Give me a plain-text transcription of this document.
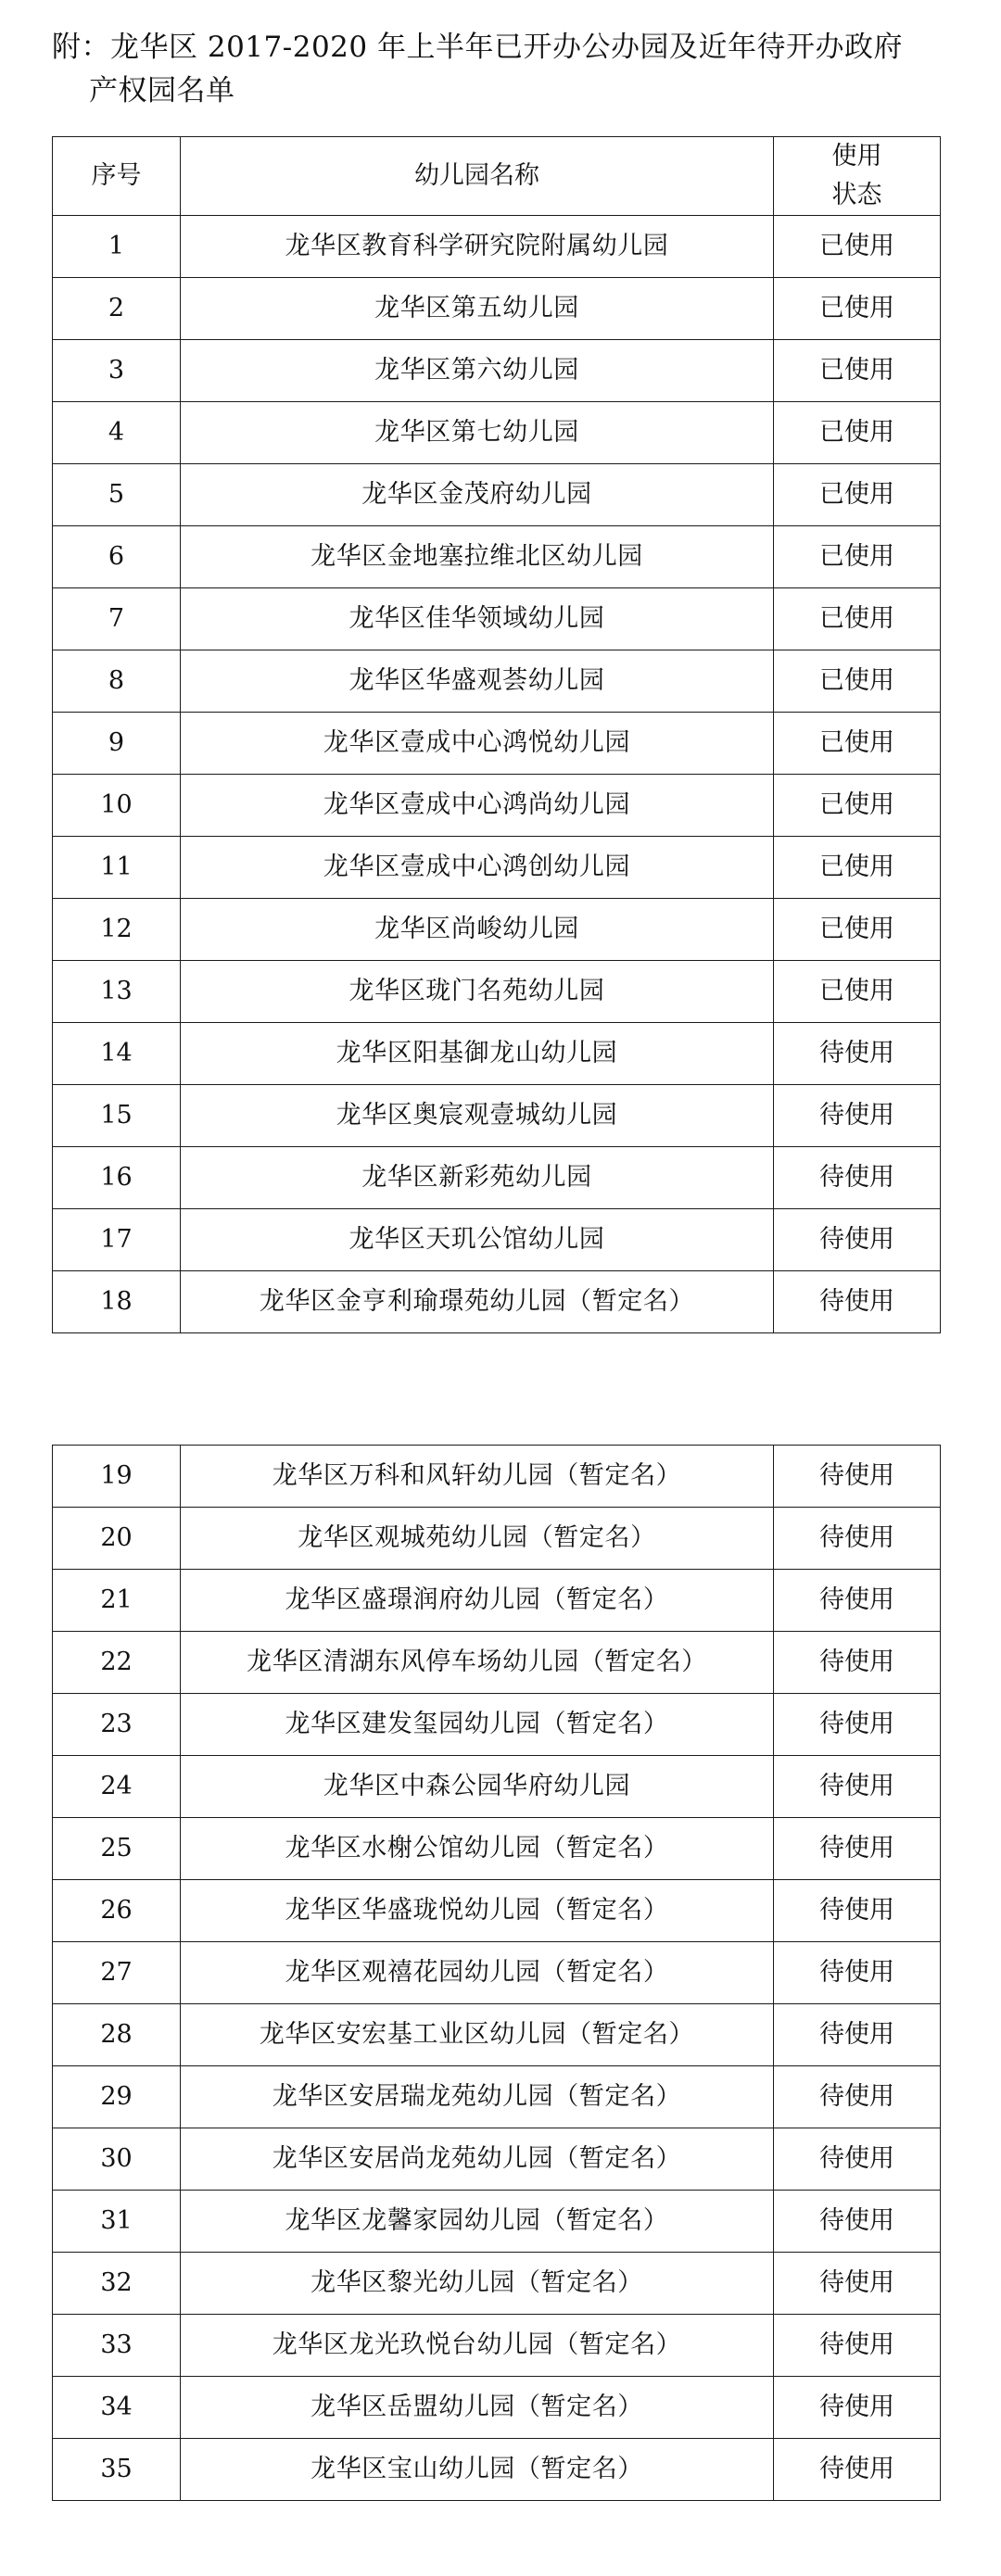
附：龙华区 2017-2020 年上半年已开办公办园及近年待开办政府
产权园名单
序号	幼儿园名称	使用
状态

1	龙华区教育科学研究院附属幼儿园	已使用
2	龙华区第五幼儿园	已使用
3	龙华区第六幼儿园	已使用
4	龙华区第七幼儿园	已使用
5	龙华区金茂府幼儿园	已使用
6	龙华区金地塞拉维北区幼儿园	已使用
7	龙华区佳华领域幼儿园	已使用
8	龙华区华盛观荟幼儿园	已使用
9	龙华区壹成中心鸿悦幼儿园	已使用
10	龙华区壹成中心鸿尚幼儿园	已使用
11	龙华区壹成中心鸿创幼儿园	已使用
12	龙华区尚峻幼儿园	已使用
13	龙华区珑门名苑幼儿园	已使用
14	龙华区阳基御龙山幼儿园	待使用
15	龙华区奥宸观壹城幼儿园	待使用
16	龙华区新彩苑幼儿园	待使用
17	龙华区天玑公馆幼儿园	待使用
18	龙华区金亨利瑜璟苑幼儿园（暂定名）	待使用
19	龙华区万科和风轩幼儿园（暂定名）	待使用
20	龙华区观城苑幼儿园（暂定名）	待使用
21	龙华区盛璟润府幼儿园（暂定名）	待使用
22	龙华区清湖东风停车场幼儿园（暂定名）	待使用
23	龙华区建发玺园幼儿园（暂定名）	待使用
24	龙华区中森公园华府幼儿园	待使用
25	龙华区水榭公馆幼儿园（暂定名）	待使用
26	龙华区华盛珑悦幼儿园（暂定名）	待使用
27	龙华区观禧花园幼儿园（暂定名）	待使用
28	龙华区安宏基工业区幼儿园（暂定名）	待使用
29	龙华区安居瑞龙苑幼儿园（暂定名）	待使用
30	龙华区安居尚龙苑幼儿园（暂定名）	待使用
31	龙华区龙馨家园幼儿园（暂定名）	待使用
32	龙华区黎光幼儿园（暂定名）	待使用
33	龙华区龙光玖悦台幼儿园（暂定名）	待使用
34	龙华区岳盟幼儿园（暂定名）	待使用
35	龙华区宝山幼儿园（暂定名）	待使用
